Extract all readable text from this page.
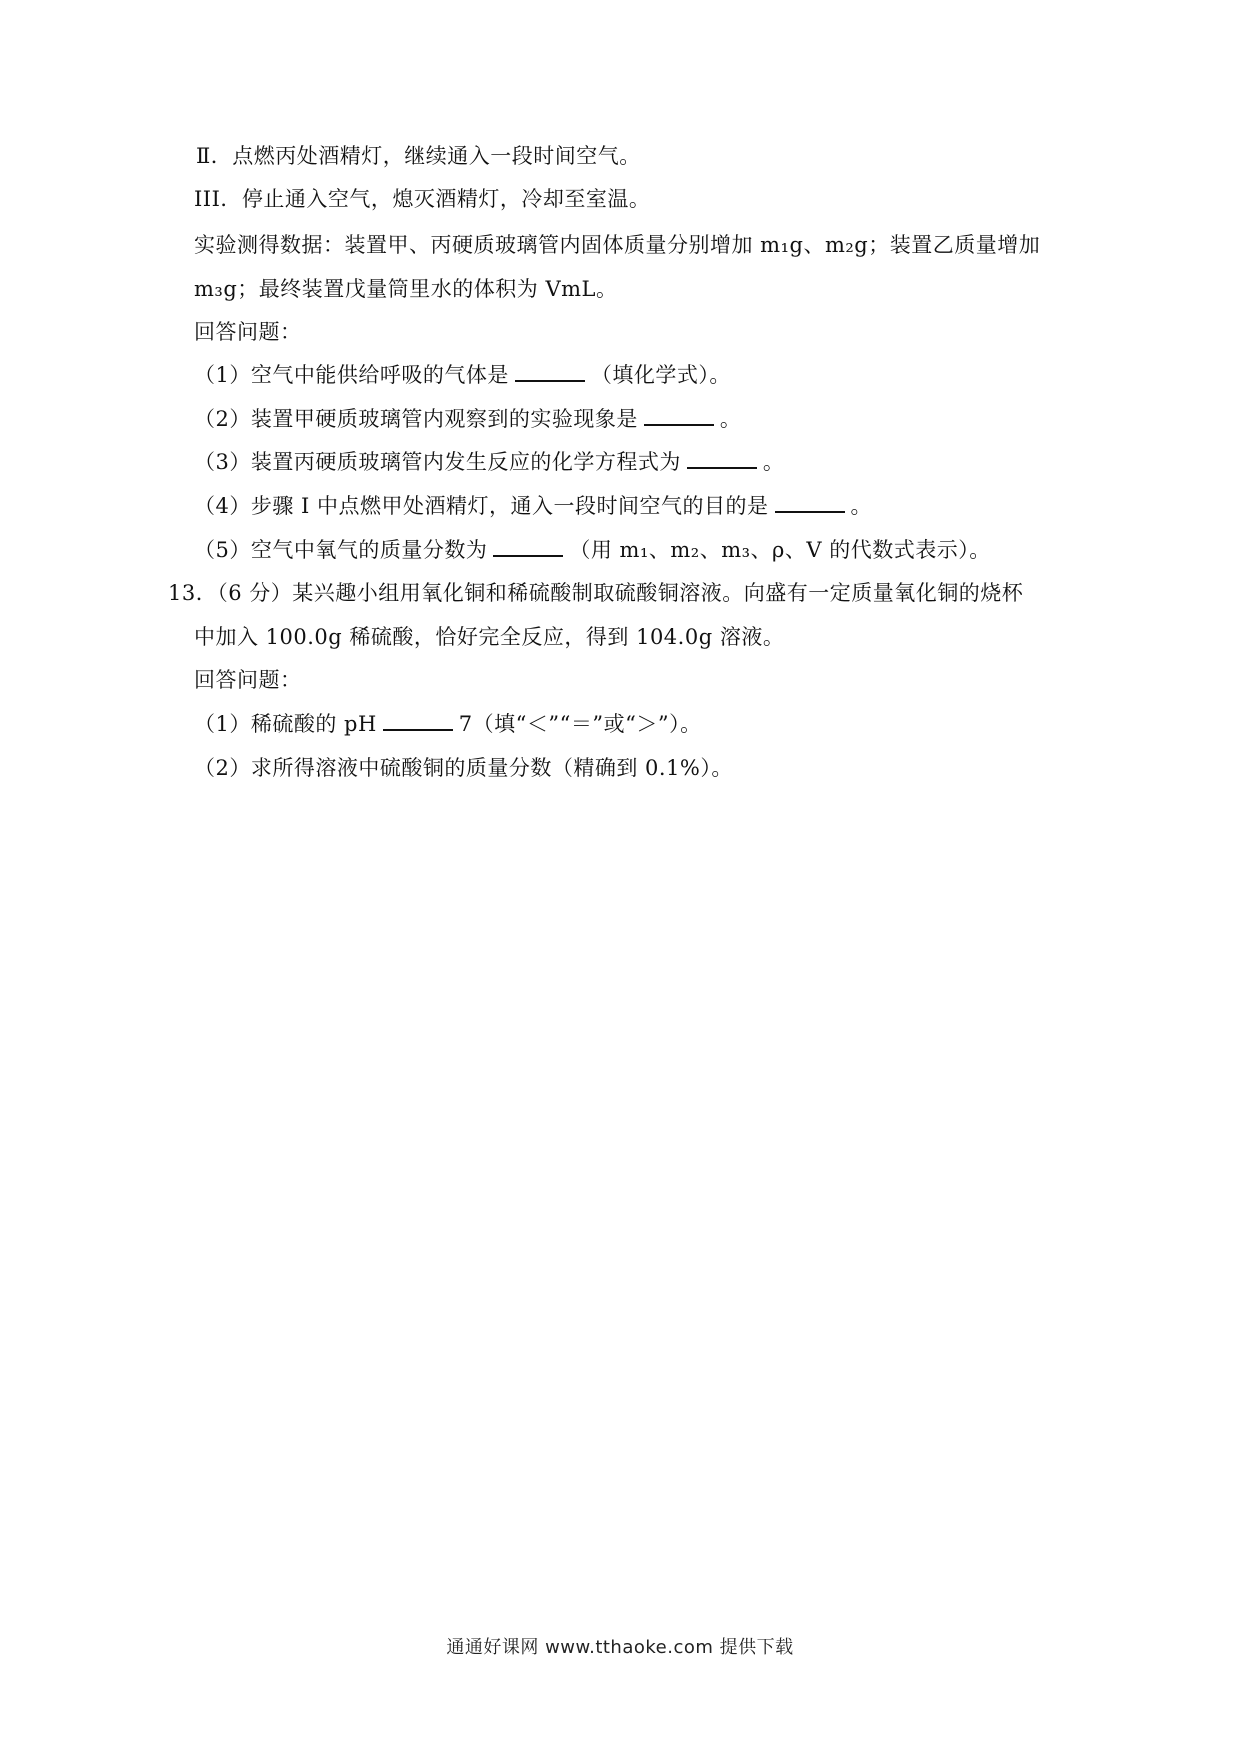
Ⅱ．点燃丙处酒精灯，继续通入一段时间空气。
III．停止通入空气，熄灭酒精灯，冷却至室温。
实验测得数据：装置甲、丙硬质玻璃管内固体质量分别增加 m₁g、m₂g；装置乙质量增加
m₃g；最终装置戊量筒里水的体积为 VmL。
回答问题：
（1）空气中能供给呼吸的气体是	（填化学式）。
（2）装置甲硬质玻璃管内观察到的实验现象是	。
（3）装置丙硬质玻璃管内发生反应的化学方程式为	。
（4）步骤 I 中点燃甲处酒精灯，通入一段时间空气的目的是	。
（5）空气中氧气的质量分数为	（用 m₁、m₂、m₃、ρ、V 的代数式表示）。
13．（6 分）某兴趣小组用氧化铜和稀硫酸制取硫酸铜溶液。向盛有一定质量氧化铜的烧杯
中加入 100.0g 稀硫酸，恰好完全反应，得到 104.0g 溶液。
回答问题：
（1）稀硫酸的 pH	7（填“＜”“＝”或“＞”）。
（2）求所得溶液中硫酸铜的质量分数（精确到 0.1%）。
通通好课网 www.tthaoke.com 提供下载
